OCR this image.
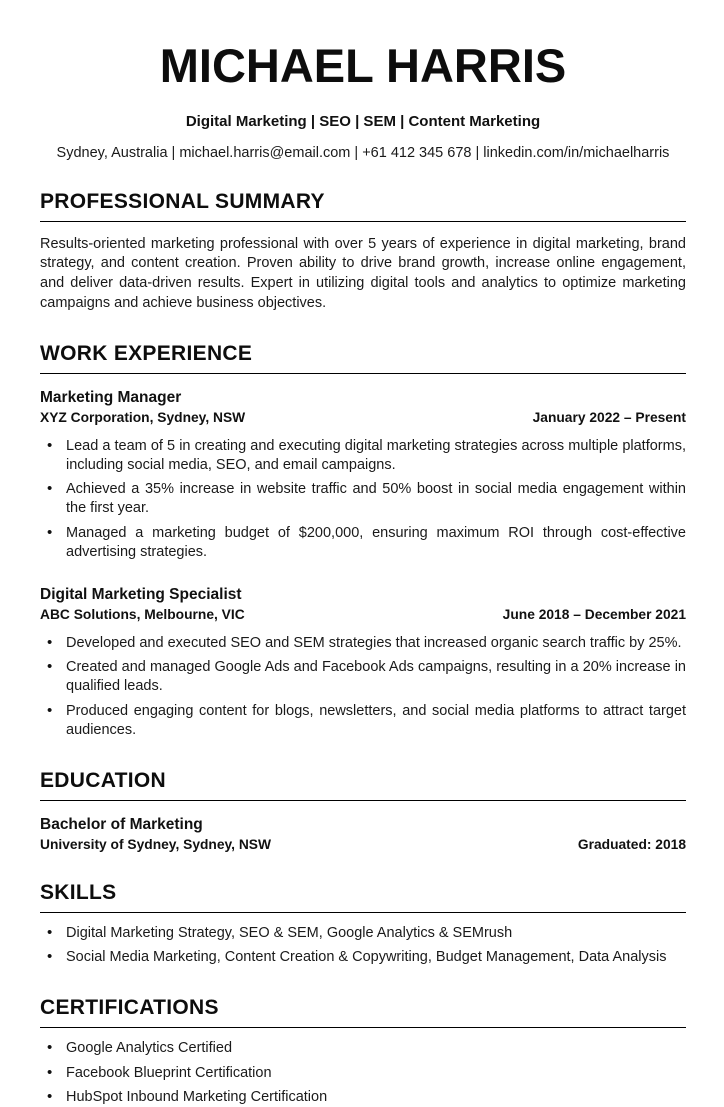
MICHAEL HARRIS
Digital Marketing | SEO | SEM | Content Marketing
Sydney, Australia | michael.harris@email.com | +61 412 345 678 | linkedin.com/in/michaelharris
PROFESSIONAL SUMMARY

Results-oriented marketing professional with over 5 years of experience in digital marketing, brand strategy, and content creation. Proven ability to drive brand growth, increase online engagement, and deliver data-driven results. Expert in utilizing digital tools and analytics to optimize marketing campaigns and achieve business objectives.

WORK EXPERIENCE
Marketing Manager
XYZ Corporation, Sydney, NSW	January 2022 – Present
• Lead a team of 5 in creating and executing digital marketing strategies across multiple platforms, including social media, SEO, and email campaigns.
• Achieved a 35% increase in website traffic and 50% boost in social media engagement within the first year.
• Managed a marketing budget of $200,000, ensuring maximum ROI through cost-effective advertising strategies.
Digital Marketing Specialist
ABC Solutions, Melbourne, VIC	June 2018 – December 2021
• Developed and executed SEO and SEM strategies that increased organic search traffic by 25%.
• Created and managed Google Ads and Facebook Ads campaigns, resulting in a 20% increase in qualified leads.
• Produced engaging content for blogs, newsletters, and social media platforms to attract target audiences.
EDUCATION
Bachelor of Marketing
University of Sydney, Sydney, NSW	Graduated: 2018
SKILLS
• Digital Marketing Strategy, SEO & SEM, Google Analytics & SEMrush
• Social Media Marketing, Content Creation & Copywriting, Budget Management, Data Analysis
CERTIFICATIONS
• Google Analytics Certified
• Facebook Blueprint Certification
• HubSpot Inbound Marketing Certification
